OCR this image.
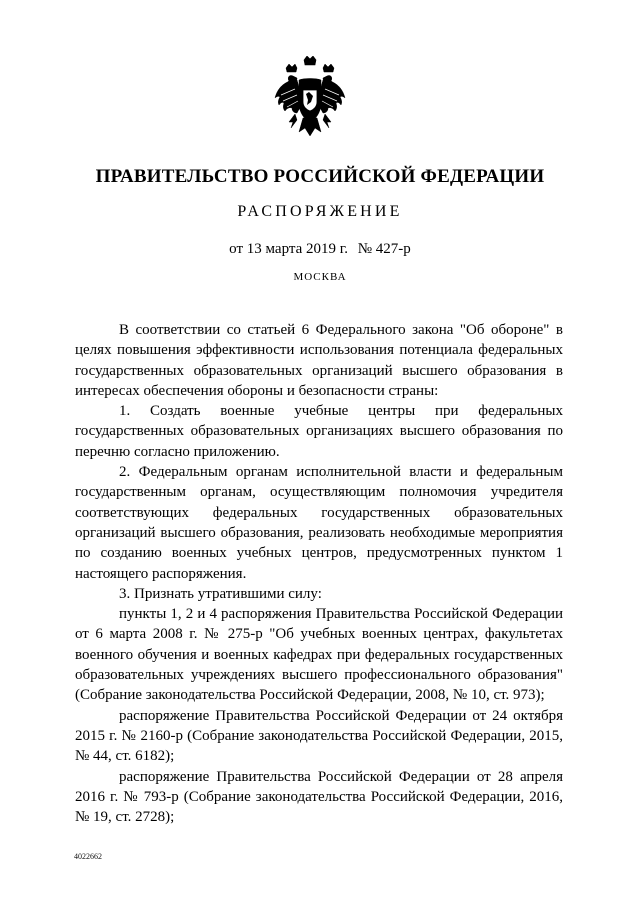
ПРАВИТЕЛЬСТВО РОССИЙСКОЙ ФЕДЕРАЦИИ
РАСПОРЯЖЕНИЕ
от 13 марта 2019 г. № 427-р
МОСКВА

В соответствии со статьей 6 Федерального закона "Об обороне" в целях повышения эффективности использования потенциала федеральных государственных образовательных организаций высшего образования в интересах обеспечения обороны и безопасности страны:

1. Создать военные учебные центры при федеральных государственных образовательных организациях высшего образования по перечню согласно приложению.

2. Федеральным органам исполнительной власти и федеральным государственным органам, осуществляющим полномочия учредителя соответствующих федеральных государственных образовательных организаций высшего образования, реализовать необходимые мероприятия по созданию военных учебных центров, предусмотренных пунктом 1 настоящего распоряжения.

3. Признать утратившими силу:

пункты 1, 2 и 4 распоряжения Правительства Российской Федерации от 6 марта 2008 г. № 275-р "Об учебных военных центрах, факультетах военного обучения и военных кафедрах при федеральных государственных образовательных учреждениях высшего профессионального образования" (Собрание законодательства Российской Федерации, 2008, № 10, ст. 973);

распоряжение Правительства Российской Федерации от 24 октября 2015 г. № 2160-р (Собрание законодательства Российской Федерации, 2015, № 44, ст. 6182);

распоряжение Правительства Российской Федерации от 28 апреля 2016 г. № 793-р (Собрание законодательства Российской Федерации, 2016, № 19, ст. 2728);

4022662
